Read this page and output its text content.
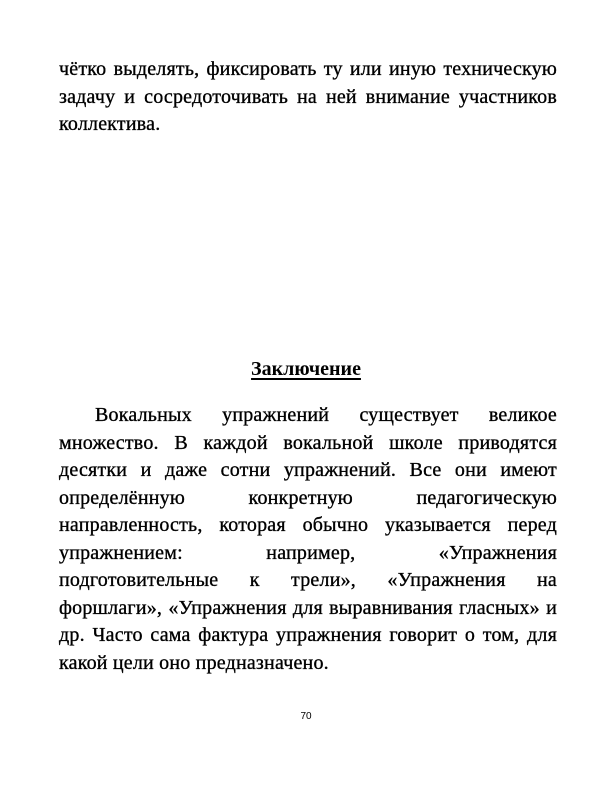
чётко выделять, фиксировать ту или иную техническую задачу и сосредоточивать на ней внимание участников коллектива.

Заключение

Вокальных упражнений существует великое множество. В каждой вокальной школе приводятся десятки и даже сотни упражнений. Все они имеют определённую конкретную педагогическую направленность, которая обычно указывается перед упражнением: например, «Упражнения подготовительные к трели», «Упражнения на форшлаги», «Упражнения для выравнивания гласных» и др. Часто сама фактура упражнения говорит о том, для какой цели оно предназначено.

70
